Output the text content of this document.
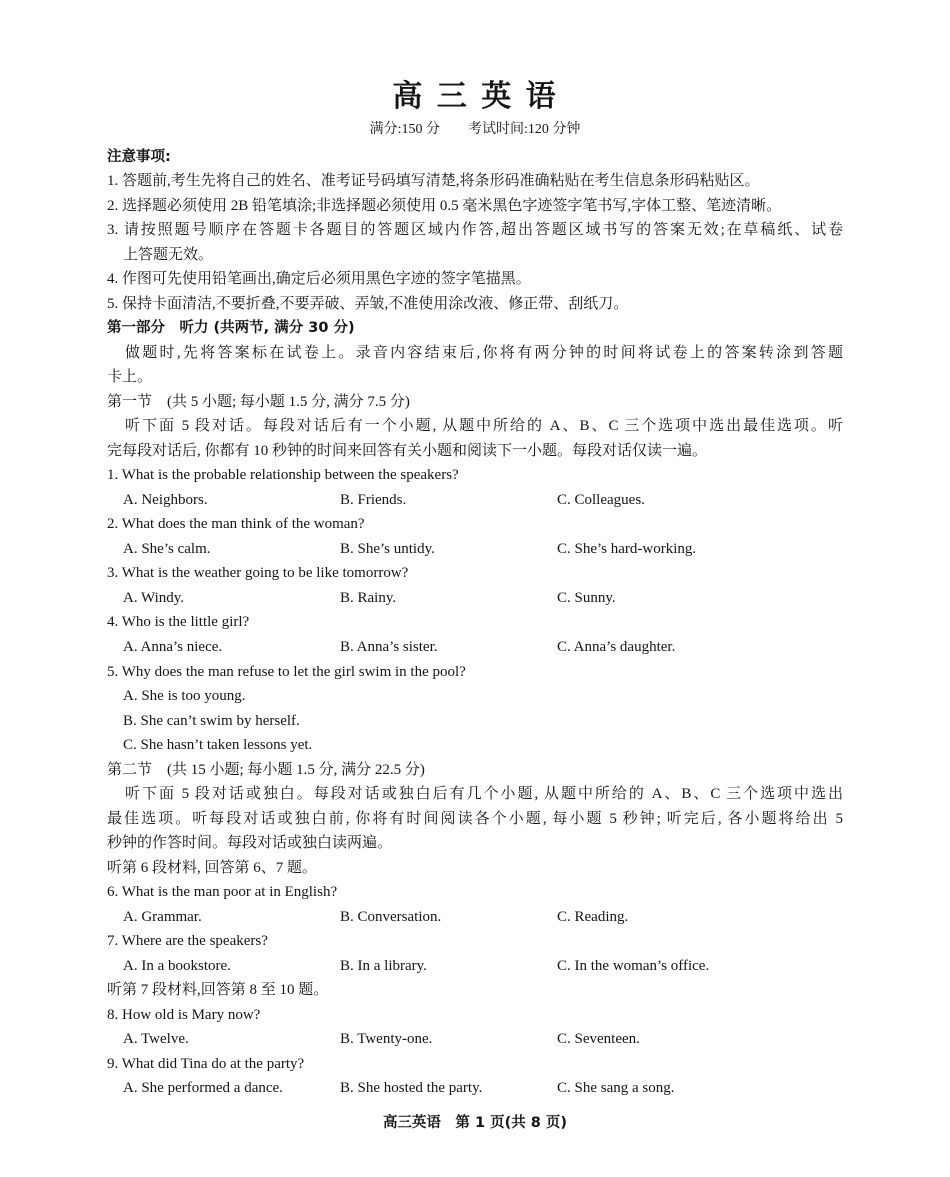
高 三 英 语
满分:150 分　　考试时间:120 分钟
注意事项:
1. 答题前,考生先将自己的姓名、准考证号码填写清楚,将条形码准确粘贴在考生信息条形码粘贴区。
2. 选择题必须使用 2B 铅笔填涂;非选择题必须使用 0.5 毫米黑色字迹签字笔书写,字体工整、笔迹清晰。
3. 请按照题号顺序在答题卡各题目的答题区域内作答,超出答题区域书写的答案无效;在草稿纸、试卷
上答题无效。
4. 作图可先使用铅笔画出,确定后必须用黑色字迹的签字笔描黑。
5. 保持卡面清洁,不要折叠,不要弄破、弄皱,不准使用涂改液、修正带、刮纸刀。
第一部分　听力 (共两节, 满分 30 分)
做题时,先将答案标在试卷上。录音内容结束后,你将有两分钟的时间将试卷上的答案转涂到答题
卡上。
第一节　(共 5 小题; 每小题 1.5 分, 满分 7.5 分)
听下面 5 段对话。每段对话后有一个小题, 从题中所给的 A、B、C 三个选项中选出最佳选项。听
完每段对话后, 你都有 10 秒钟的时间来回答有关小题和阅读下一小题。每段对话仅读一遍。
1. What is the probable relationship between the speakers?
A. Neighbors.	B. Friends.	C. Colleagues.
2. What does the man think of the woman?
A. She’s calm.	B. She’s untidy.	C. She’s hard-working.
3. What is the weather going to be like tomorrow?
A. Windy.	B. Rainy.	C. Sunny.
4. Who is the little girl?
A. Anna’s niece.	B. Anna’s sister.	C. Anna’s daughter.
5. Why does the man refuse to let the girl swim in the pool?
A. She is too young.
B. She can’t swim by herself.
C. She hasn’t taken lessons yet.
第二节　(共 15 小题; 每小题 1.5 分, 满分 22.5 分)
听下面 5 段对话或独白。每段对话或独白后有几个小题, 从题中所给的 A、B、C 三个选项中选出
最佳选项。听每段对话或独白前, 你将有时间阅读各个小题, 每小题 5 秒钟; 听完后, 各小题将给出 5
秒钟的作答时间。每段对话或独白读两遍。
听第 6 段材料, 回答第 6、7 题。
6. What is the man poor at in English?
A. Grammar.	B. Conversation.	C. Reading.
7. Where are the speakers?
A. In a bookstore.	B. In a library.	C. In the woman’s office.
听第 7 段材料,回答第 8 至 10 题。
8. How old is Mary now?
A. Twelve.	B. Twenty-one.	C. Seventeen.
9. What did Tina do at the party?
A. She performed a dance.	B. She hosted the party.	C. She sang a song.
高三英语　第 1 页(共 8 页)
